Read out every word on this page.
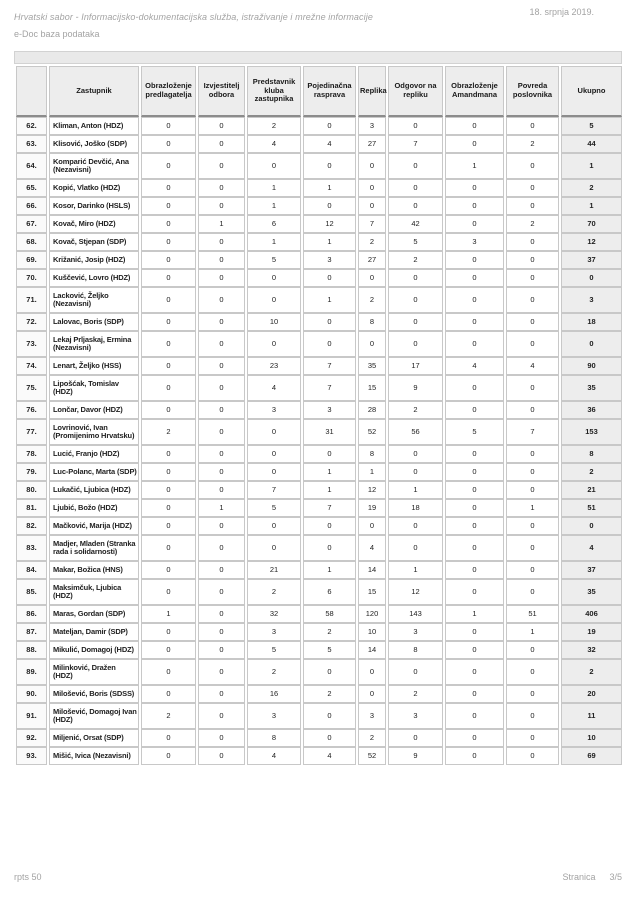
Hrvatski sabor - Informacijsko-dokumentacijska služba, istraživanje i mrežne informacije	18. srpnja 2019.
e-Doc baza podataka
	Zastupnik	Obrazloženje predlagatelja	Izvjestitelj odbora	Predstavnik kluba zastupnika	Pojedinačna rasprava	Replika	Odgovor na repliku	Obrazloženje Amandmana	Povreda poslovnika	Ukupno
62.	Kliman, Anton (HDZ)	0	0	2	0	3	0	0	0	5
63.	Klisović, Joško (SDP)	0	0	4	4	27	7	0	2	44
64.	Komparić Devčić, Ana (Nezavisni)	0	0	0	0	0	0	1	0	1
65.	Kopić, Vlatko (HDZ)	0	0	1	1	0	0	0	0	2
66.	Kosor, Darinko (HSLS)	0	0	1	0	0	0	0	0	1
67.	Kovač, Miro (HDZ)	0	1	6	12	7	42	0	2	70
68.	Kovač, Stjepan (SDP)	0	0	1	1	2	5	3	0	12
69.	Križanić, Josip (HDZ)	0	0	5	3	27	2	0	0	37
70.	Kuščević, Lovro (HDZ)	0	0	0	0	0	0	0	0	0
71.	Lacković, Željko (Nezavisni)	0	0	0	1	2	0	0	0	3
72.	Lalovac, Boris (SDP)	0	0	10	0	8	0	0	0	18
73.	Lekaj Prljaskaj, Ermina (Nezavisni)	0	0	0	0	0	0	0	0	0
74.	Lenart, Željko (HSS)	0	0	23	7	35	17	4	4	90
75.	Lipošćak, Tomislav (HDZ)	0	0	4	7	15	9	0	0	35
76.	Lončar, Davor (HDZ)	0	0	3	3	28	2	0	0	36
77.	Lovrinović, Ivan (Promijenimo Hrvatsku)	2	0	0	31	52	56	5	7	153
78.	Lucić, Franjo (HDZ)	0	0	0	0	8	0	0	0	8
79.	Luc-Polanc, Marta (SDP)	0	0	0	1	1	0	0	0	2
80.	Lukačić, Ljubica (HDZ)	0	0	7	1	12	1	0	0	21
81.	Ljubić, Božo (HDZ)	0	1	5	7	19	18	0	1	51
82.	Mačković, Marija (HDZ)	0	0	0	0	0	0	0	0	0
83.	Madjer, Mladen (Stranka rada i solidarnosti)	0	0	0	0	4	0	0	0	4
84.	Makar, Božica (HNS)	0	0	21	1	14	1	0	0	37
85.	Maksimčuk, Ljubica (HDZ)	0	0	2	6	15	12	0	0	35
86.	Maras, Gordan (SDP)	1	0	32	58	120	143	1	51	406
87.	Mateljan, Damir (SDP)	0	0	3	2	10	3	0	1	19
88.	Mikulić, Domagoj (HDZ)	0	0	5	5	14	8	0	0	32
89.	Milinković, Dražen (HDZ)	0	0	2	0	0	0	0	0	2
90.	Milošević, Boris (SDSS)	0	0	16	2	0	2	0	0	20
91.	Milošević, Domagoj Ivan (HDZ)	2	0	3	0	3	3	0	0	11
92.	Miljenić, Orsat (SDP)	0	0	8	0	2	0	0	0	10
93.	Mišić, Ivica (Nezavisni)	0	0	4	4	52	9	0	0	69
rpts 50	Stranica 3/5
